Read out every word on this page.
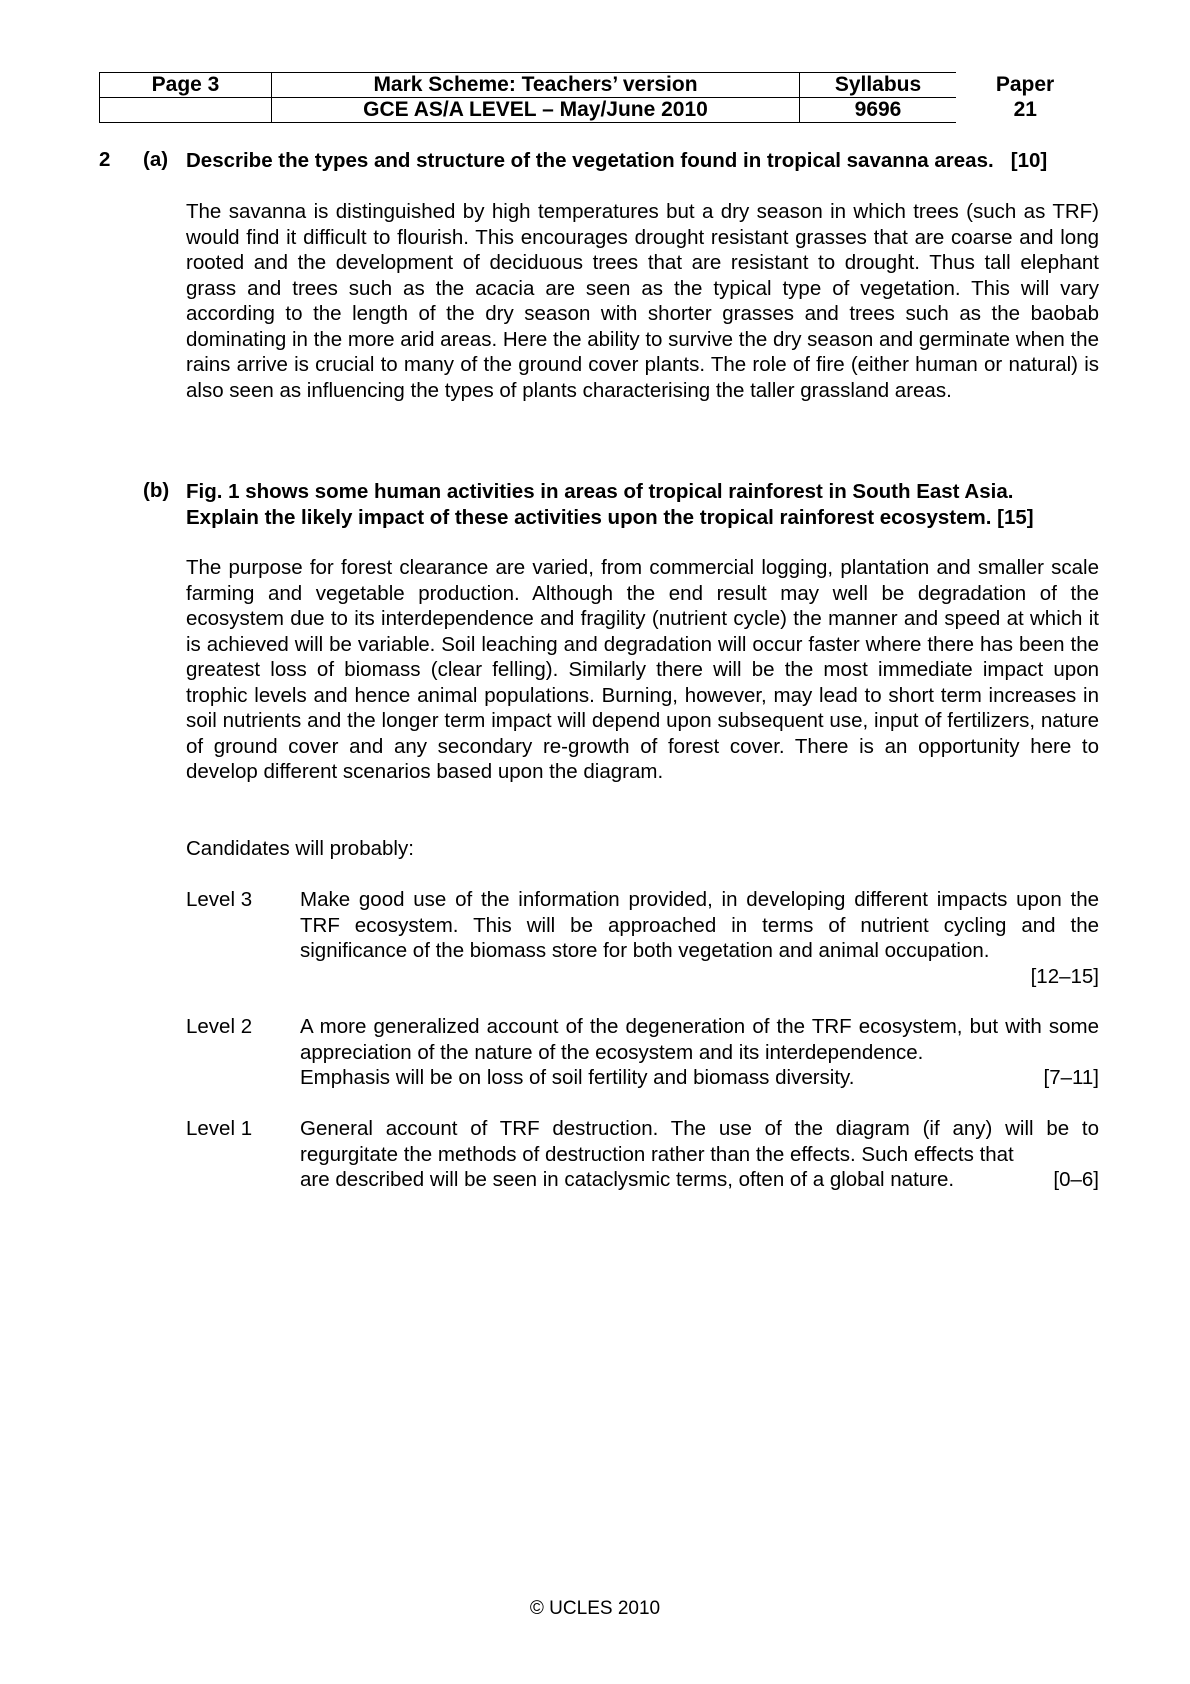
Page 3	Mark Scheme: Teachers’ version	Syllabus	Paper
	GCE AS/A LEVEL – May/June 2010	9696	21
2 (a) Describe the types and structure of the vegetation found in tropical savanna areas.   [10]

The savanna is distinguished by high temperatures but a dry season in which trees (such as TRF) would find it difficult to flourish. This encourages drought resistant grasses that are coarse and long rooted and the development of deciduous trees that are resistant to drought. Thus tall elephant grass and trees such as the acacia are seen as the typical type of vegetation. This will vary according to the length of the dry season with shorter grasses and trees such as the baobab dominating in the more arid areas. Here the ability to survive the dry season and germinate when the rains arrive is crucial to many of the ground cover plants. The role of fire (either human or natural) is also seen as influencing the types of plants characterising the taller grassland areas.

(b) Fig. 1 shows some human activities in areas of tropical rainforest in South East Asia.
Explain the likely impact of these activities upon the tropical rainforest ecosystem. [15]

The purpose for forest clearance are varied, from commercial logging, plantation and smaller scale farming and vegetable production. Although the end result may well be degradation of the ecosystem due to its interdependence and fragility (nutrient cycle) the manner and speed at which it is achieved will be variable. Soil leaching and degradation will occur faster where there has been the greatest loss of biomass (clear felling). Similarly there will be the most immediate impact upon trophic levels and hence animal populations. Burning, however, may lead to short term increases in soil nutrients and the longer term impact will depend upon subsequent use, input of fertilizers, nature of ground cover and any secondary re-growth of forest cover. There is an opportunity here to develop different scenarios based upon the diagram.

Candidates will probably:

Level 3 Make good use of the information provided, in developing different impacts upon the TRF ecosystem. This will be approached in terms of nutrient cycling and the significance of the biomass store for both vegetation and animal occupation.
[12–15]
Level 2 A more generalized account of the degeneration of the TRF ecosystem, but with some appreciation of the nature of the ecosystem and its interdependence.
Emphasis will be on loss of soil fertility and biomass diversity.	[7–11]
Level 1 General account of TRF destruction. The use of the diagram (if any) will be to regurgitate the methods of destruction rather than the effects. Such effects that
are described will be seen in cataclysmic terms, often of a global nature.	[0–6]
© UCLES 2010
